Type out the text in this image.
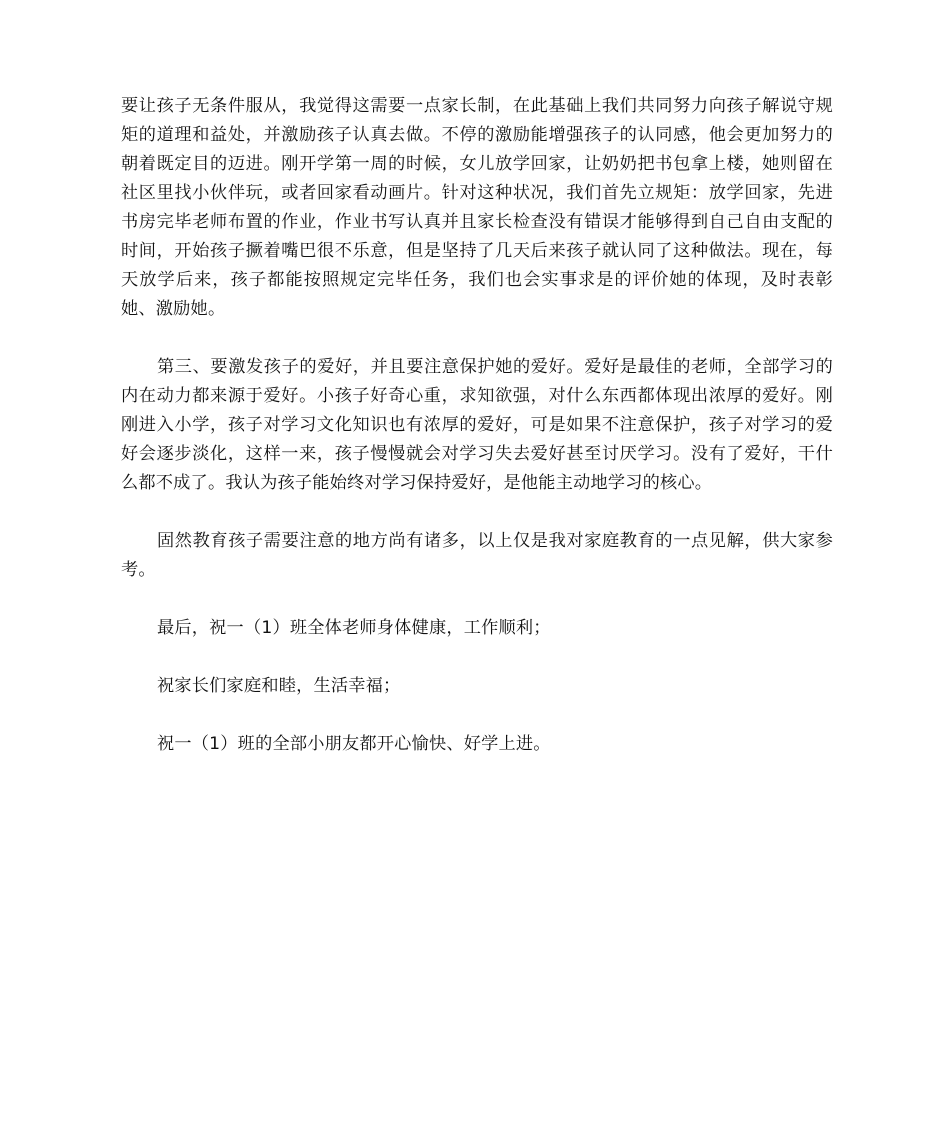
要让孩子无条件服从，我觉得这需要一点家长制，在此基础上我们共同努力向孩子解说守规矩的道理和益处，并激励孩子认真去做。不停的激励能增强孩子的认同感，他会更加努力的朝着既定目的迈进。刚开学第一周的时候，女儿放学回家，让奶奶把书包拿上楼，她则留在社区里找小伙伴玩，或者回家看动画片。针对这种状况，我们首先立规矩：放学回家，先进书房完毕老师布置的作业，作业书写认真并且家长检查没有错误才能够得到自己自由支配的时间，开始孩子撅着嘴巴很不乐意，但是坚持了几天后来孩子就认同了这种做法。现在，每天放学后来，孩子都能按照规定完毕任务，我们也会实事求是的评价她的体现，及时表彰她、激励她。

第三、要激发孩子的爱好，并且要注意保护她的爱好。爱好是最佳的老师，全部学习的内在动力都来源于爱好。小孩子好奇心重，求知欲强，对什么东西都体现出浓厚的爱好。刚刚进入小学，孩子对学习文化知识也有浓厚的爱好，可是如果不注意保护，孩子对学习的爱好会逐步淡化，这样一来，孩子慢慢就会对学习失去爱好甚至讨厌学习。没有了爱好，干什么都不成了。我认为孩子能始终对学习保持爱好，是他能主动地学习的核心。

固然教育孩子需要注意的地方尚有诸多，以上仅是我对家庭教育的一点见解，供大家参考。

最后，祝一（1）班全体老师身体健康，工作顺利；

祝家长们家庭和睦，生活幸福；

祝一（1）班的全部小朋友都开心愉快、好学上进。
